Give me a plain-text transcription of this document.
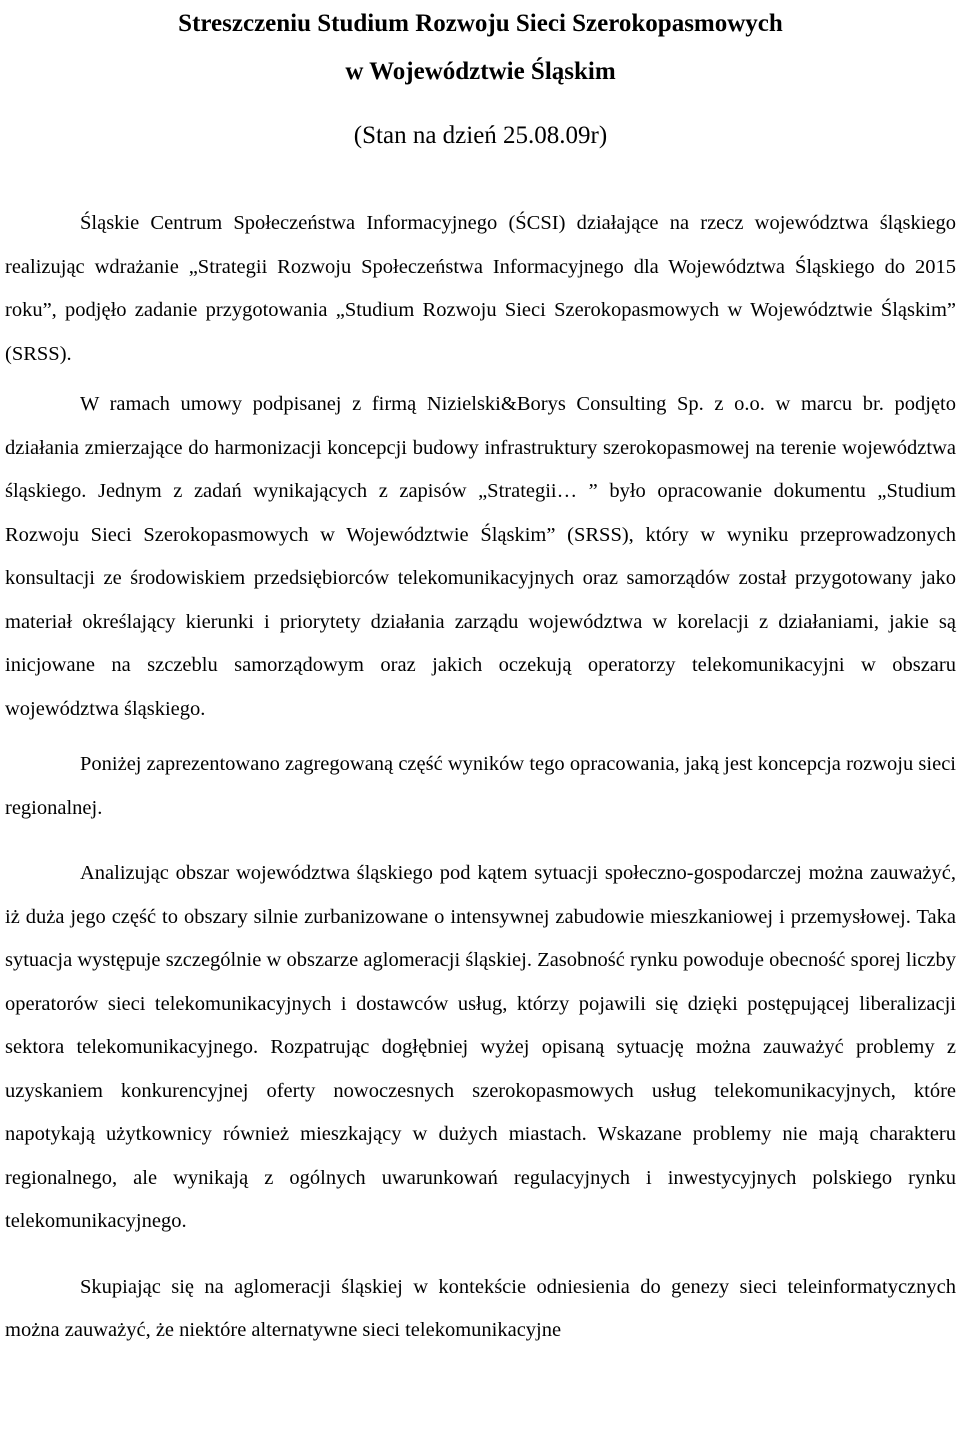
Streszczeniu Studium Rozwoju Sieci Szerokopasmowych
w Województwie Śląskim

(Stan na dzień 25.08.09r)

Śląskie Centrum Społeczeństwa Informacyjnego (ŚCSI) działające na rzecz województwa śląskiego realizując wdrażanie „Strategii Rozwoju Społeczeństwa Informacyjnego dla Województwa Śląskiego do 2015 roku”, podjęło zadanie przygotowania „Studium Rozwoju Sieci Szerokopasmowych w Województwie Śląskim” (SRSS).

W ramach umowy podpisanej z firmą Nizielski&Borys Consulting Sp. z o.o. w marcu br. podjęto działania zmierzające do harmonizacji koncepcji budowy infrastruktury szerokopasmowej na terenie województwa śląskiego. Jednym z zadań wynikających z zapisów „Strategii… ” było opracowanie dokumentu „Studium Rozwoju Sieci Szerokopasmowych w Województwie Śląskim” (SRSS), który w wyniku przeprowadzonych konsultacji ze środowiskiem przedsiębiorców telekomunikacyjnych oraz samorządów został przygotowany jako materiał określający kierunki i priorytety działania zarządu województwa w korelacji z działaniami, jakie są inicjowane na szczeblu samorządowym oraz jakich oczekują operatorzy telekomunikacyjni w obszaru województwa śląskiego.

Poniżej zaprezentowano zagregowaną część wyników tego opracowania, jaką jest koncepcja rozwoju sieci regionalnej.

Analizując obszar województwa śląskiego pod kątem sytuacji społeczno-gospodarczej można zauważyć, iż duża jego część to obszary silnie zurbanizowane o intensywnej zabudowie mieszkaniowej i przemysłowej. Taka sytuacja występuje szczególnie w obszarze aglomeracji śląskiej. Zasobność rynku powoduje obecność sporej liczby operatorów sieci telekomunikacyjnych i dostawców usług, którzy pojawili się dzięki postępującej liberalizacji sektora telekomunikacyjnego. Rozpatrując dogłębniej wyżej opisaną sytuację można zauważyć problemy z uzyskaniem konkurencyjnej oferty nowoczesnych szerokopasmowych usług telekomunikacyjnych, które napotykają użytkownicy również mieszkający w dużych miastach. Wskazane problemy nie mają charakteru regionalnego, ale wynikają z ogólnych uwarunkowań regulacyjnych i inwestycyjnych polskiego rynku telekomunikacyjnego.

Skupiając się na aglomeracji śląskiej w kontekście odniesienia do genezy sieci teleinformatycznych można zauważyć, że niektóre alternatywne sieci telekomunikacyjne
